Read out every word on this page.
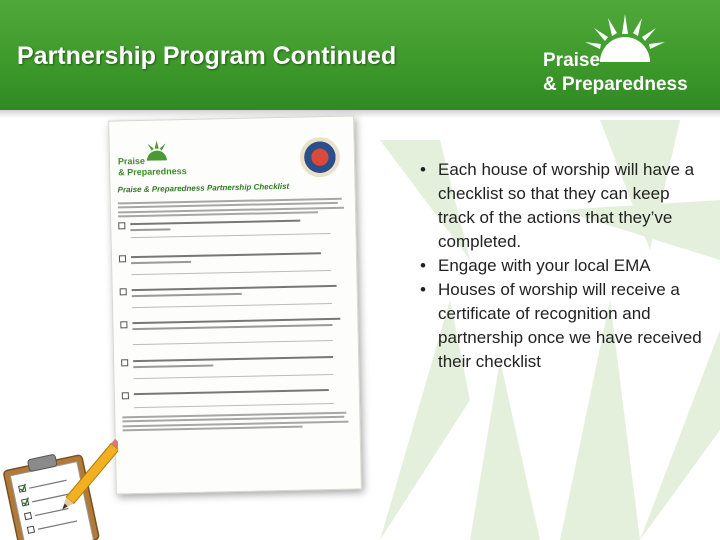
Partnership Program Continued	Praise
& Preparedness
Praise
& Preparedness
Praise & Preparedness Partnership Checklist
• Each house of worship will have a checklist so that they can keep track of the actions that they’ve completed.
• Engage with your local EMA
• Houses of worship will receive a certificate of recognition and partnership once we have received their checklist
